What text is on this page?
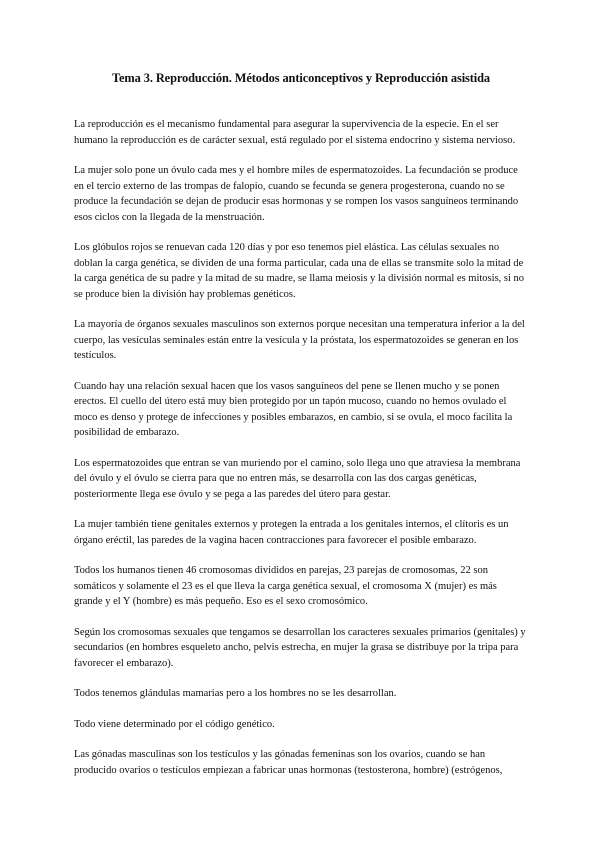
Tema 3. Reproducción. Métodos anticonceptivos y Reproducción asistida

La reproducción es el mecanismo fundamental para asegurar la supervivencia de la especie. En el ser humano la reproducción es de carácter sexual, está regulado por el sistema endocrino y sistema nervioso.

La mujer solo pone un óvulo cada mes y el hombre miles de espermatozoides. La fecundación se produce en el tercio externo de las trompas de falopio, cuando se fecunda se genera progesterona, cuando no se produce la fecundación se dejan de producir esas hormonas y se rompen los vasos sanguíneos terminando esos ciclos con la llegada de la menstruación.

Los glóbulos rojos se renuevan cada 120 días y por eso tenemos piel elástica. Las células sexuales no doblan la carga genética, se dividen de una forma particular, cada una de ellas se transmite solo la mitad de la carga genética de su padre y la mitad de su madre, se llama meiosis y la división normal es mitosis, si no se produce bien la división hay problemas genéticos.

La mayoría de órganos sexuales masculinos son externos porque necesitan una temperatura inferior a la del cuerpo, las vesículas seminales están entre la vesícula y la próstata, los espermatozoides se generan en los testículos.

Cuando hay una relación sexual hacen que los vasos sanguíneos del pene se llenen mucho y se ponen erectos. El cuello del útero está muy bien protegido por un tapón mucoso, cuando no hemos ovulado el moco es denso y protege de infecciones y posibles embarazos, en cambio, si se ovula, el moco facilita la posibilidad de embarazo.

Los espermatozoides que entran se van muriendo por el camino, solo llega uno que atraviesa la membrana del óvulo y el óvulo se cierra para que no entren más, se desarrolla con las dos cargas genéticas, posteriormente llega ese óvulo y se pega a las paredes del útero para gestar.

La mujer también tiene genitales externos y protegen la entrada a los genitales internos, el clítoris es un órgano eréctil, las paredes de la vagina hacen contracciones para favorecer el posible embarazo.

Todos los humanos tienen 46 cromosomas divididos en parejas, 23 parejas de cromosomas, 22 son somáticos y solamente el 23 es el que lleva la carga genética sexual, el cromosoma X (mujer) es más grande y el Y (hombre) es más pequeño. Eso es el sexo cromosómico.

Según los cromosomas sexuales que tengamos se desarrollan los caracteres sexuales primarios (genitales) y secundarios (en hombres esqueleto ancho, pelvis estrecha, en mujer la grasa se distribuye por la tripa para favorecer el embarazo).

Todos tenemos glándulas mamarias pero a los hombres no se les desarrollan.

Todo viene determinado por el código genético.

Las gónadas masculinas son los testículos y las gónadas femeninas son los ovarios, cuando se han producido ovarios o testículos empiezan a fabricar unas hormonas (testosterona, hombre) (estrógenos,
